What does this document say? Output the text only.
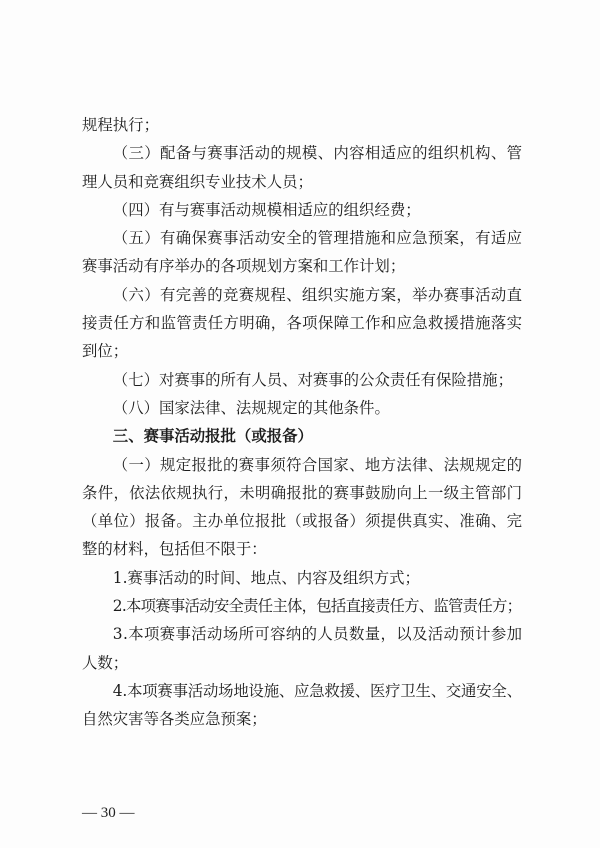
规程执行；
（三）配备与赛事活动的规模、内容相适应的组织机构、管
理人员和竞赛组织专业技术人员；
（四）有与赛事活动规模相适应的组织经费；
（五）有确保赛事活动安全的管理措施和应急预案，有适应
赛事活动有序举办的各项规划方案和工作计划；
（六）有完善的竞赛规程、组织实施方案，举办赛事活动直
接责任方和监管责任方明确，各项保障工作和应急救援措施落实
到位；
（七）对赛事的所有人员、对赛事的公众责任有保险措施；
（八）国家法律、法规规定的其他条件。
三、赛事活动报批（或报备）
（一）规定报批的赛事须符合国家、地方法律、法规规定的
条件，依法依规执行，未明确报批的赛事鼓励向上一级主管部门
（单位）报备。主办单位报批（或报备）须提供真实、准确、完
整的材料，包括但不限于：
1.赛事活动的时间、地点、内容及组织方式；
2.本项赛事活动安全责任主体，包括直接责任方、监管责任方；
3.本项赛事活动场所可容纳的人员数量，以及活动预计参加
人数；
4.本项赛事活动场地设施、应急救援、医疗卫生、交通安全、
自然灾害等各类应急预案；
— 30 —
